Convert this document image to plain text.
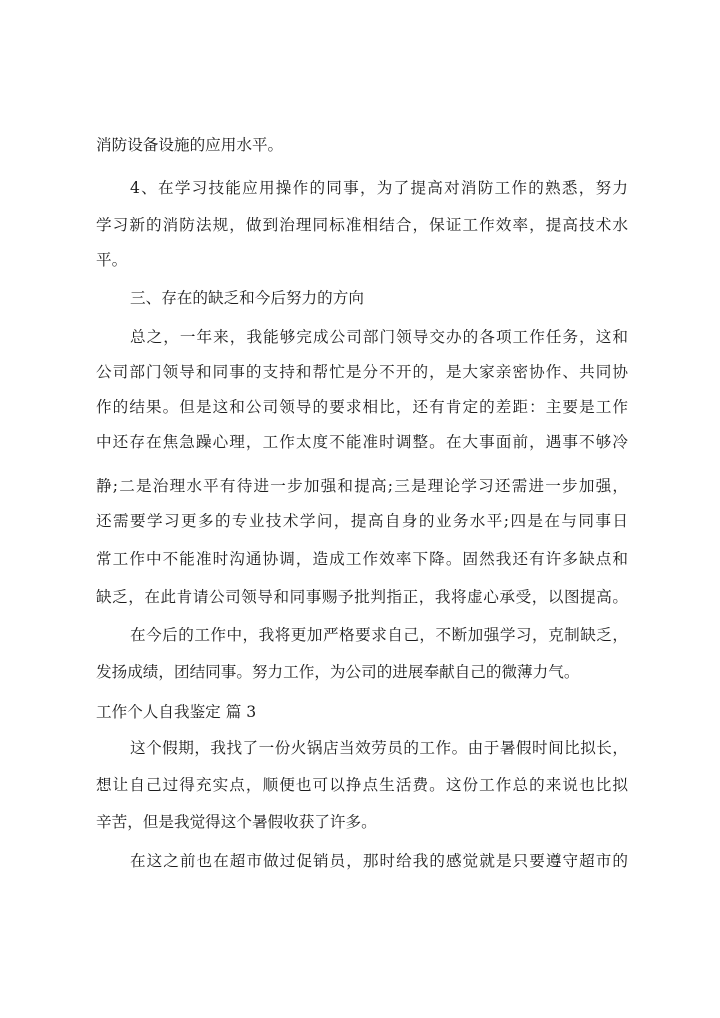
消防设备设施的应用水平。
4、在学习技能应用操作的同事，为了提高对消防工作的熟悉，努力
学习新的消防法规，做到治理同标准相结合，保证工作效率，提高技术水
平。
三、存在的缺乏和今后努力的方向
总之，一年来，我能够完成公司部门领导交办的各项工作任务，这和
公司部门领导和同事的支持和帮忙是分不开的，是大家亲密协作、共同协
作的结果。但是这和公司领导的要求相比，还有肯定的差距：主要是工作
中还存在焦急躁心理，工作太度不能准时调整。在大事面前，遇事不够冷
静;二是治理水平有待进一步加强和提高;三是理论学习还需进一步加强，
还需要学习更多的专业技术学问，提高自身的业务水平;四是在与同事日
常工作中不能准时沟通协调，造成工作效率下降。固然我还有许多缺点和
缺乏，在此肯请公司领导和同事赐予批判指正，我将虚心承受，以图提高。
在今后的工作中，我将更加严格要求自己，不断加强学习，克制缺乏，
发扬成绩，团结同事。努力工作，为公司的进展奉献自己的微薄力气。
工作个人自我鉴定 篇 3
这个假期，我找了一份火锅店当效劳员的工作。由于暑假时间比拟长，
想让自己过得充实点，顺便也可以挣点生活费。这份工作总的来说也比拟
辛苦，但是我觉得这个暑假收获了许多。
在这之前也在超市做过促销员，那时给我的感觉就是只要遵守超市的
